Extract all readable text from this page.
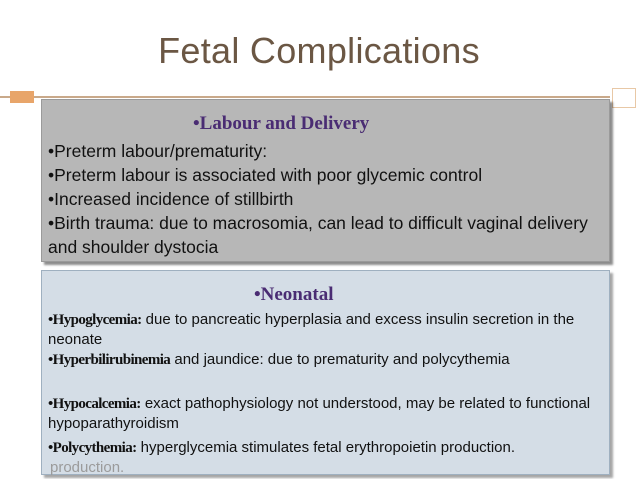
Fetal Complications
•Labour and Delivery
•Preterm labour/prematurity:
•Preterm labour is associated with poor glycemic control
•Increased incidence of stillbirth
•Birth trauma: due to macrosomia, can lead to difficult vaginal delivery and shoulder dystocia
•Neonatal
•Hypoglycemia: due to pancreatic hyperplasia and excess insulin secretion in the neonate
•Hyperbilirubinemia and jaundice: due to prematurity and polycythemia
•Hypocalcemia: exact pathophysiology not understood, may be related to functional hypoparathyroidism
•Polycythemia: hyperglycemia stimulates fetal erythropoietin production.
production.
